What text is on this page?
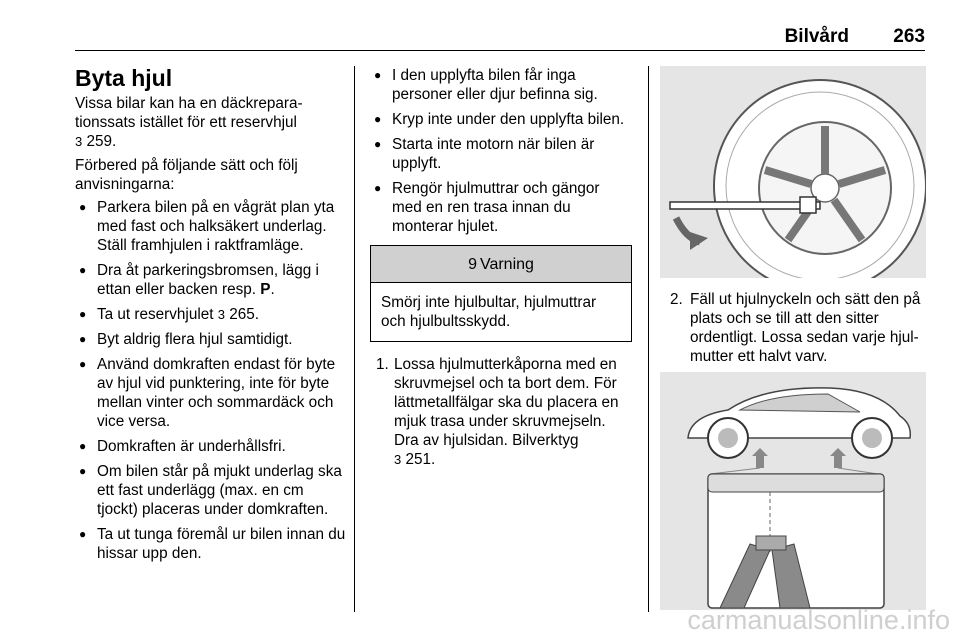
Bilvård 263
Byta hjul

Vissa bilar kan ha en däckrepara-
tionssats istället för ett reservhjul
3 259.

Förbered på följande sätt och följ anvisningarna:

● Parkera bilen på en vågrät plan yta med fast och halksäkert underlag. Ställ framhjulen i raktframläge.
● Dra åt parkeringsbromsen, lägg i ettan eller backen resp. P.
● Ta ut reservhjulet 3 265.
● Byt aldrig flera hjul samtidigt.
● Använd domkraften endast för byte av hjul vid punktering, inte för byte mellan vinter och sommardäck och vice versa.
● Domkraften är underhållsfri.
● Om bilen står på mjukt underlag ska ett fast underlägg (max. en cm tjockt) placeras under domkraften.
● Ta ut tunga föremål ur bilen innan du hissar upp den.
● I den upplyfta bilen får inga personer eller djur befinna sig.
● Kryp inte under den upplyfta bilen.
● Starta inte motorn när bilen är upplyft.
● Rengör hjulmuttrar och gängor med en ren trasa innan du monterar hjulet.
9 Varning
Smörj inte hjulbultar, hjulmuttrar och hjulbultsskydd.
1. Lossa hjulmutterkåporna med en skruvmejsel och ta bort dem. För lättmetallfälgar ska du placera en mjuk trasa under skruvmejseln. Dra av hjulsidan. Bilverktyg
3 251.
2. Fäll ut hjulnyckeln och sätt den på plats och se till att den sitter ordentligt. Lossa sedan varje hjulmutter ett halvt varv.
carmanualsonline.info
